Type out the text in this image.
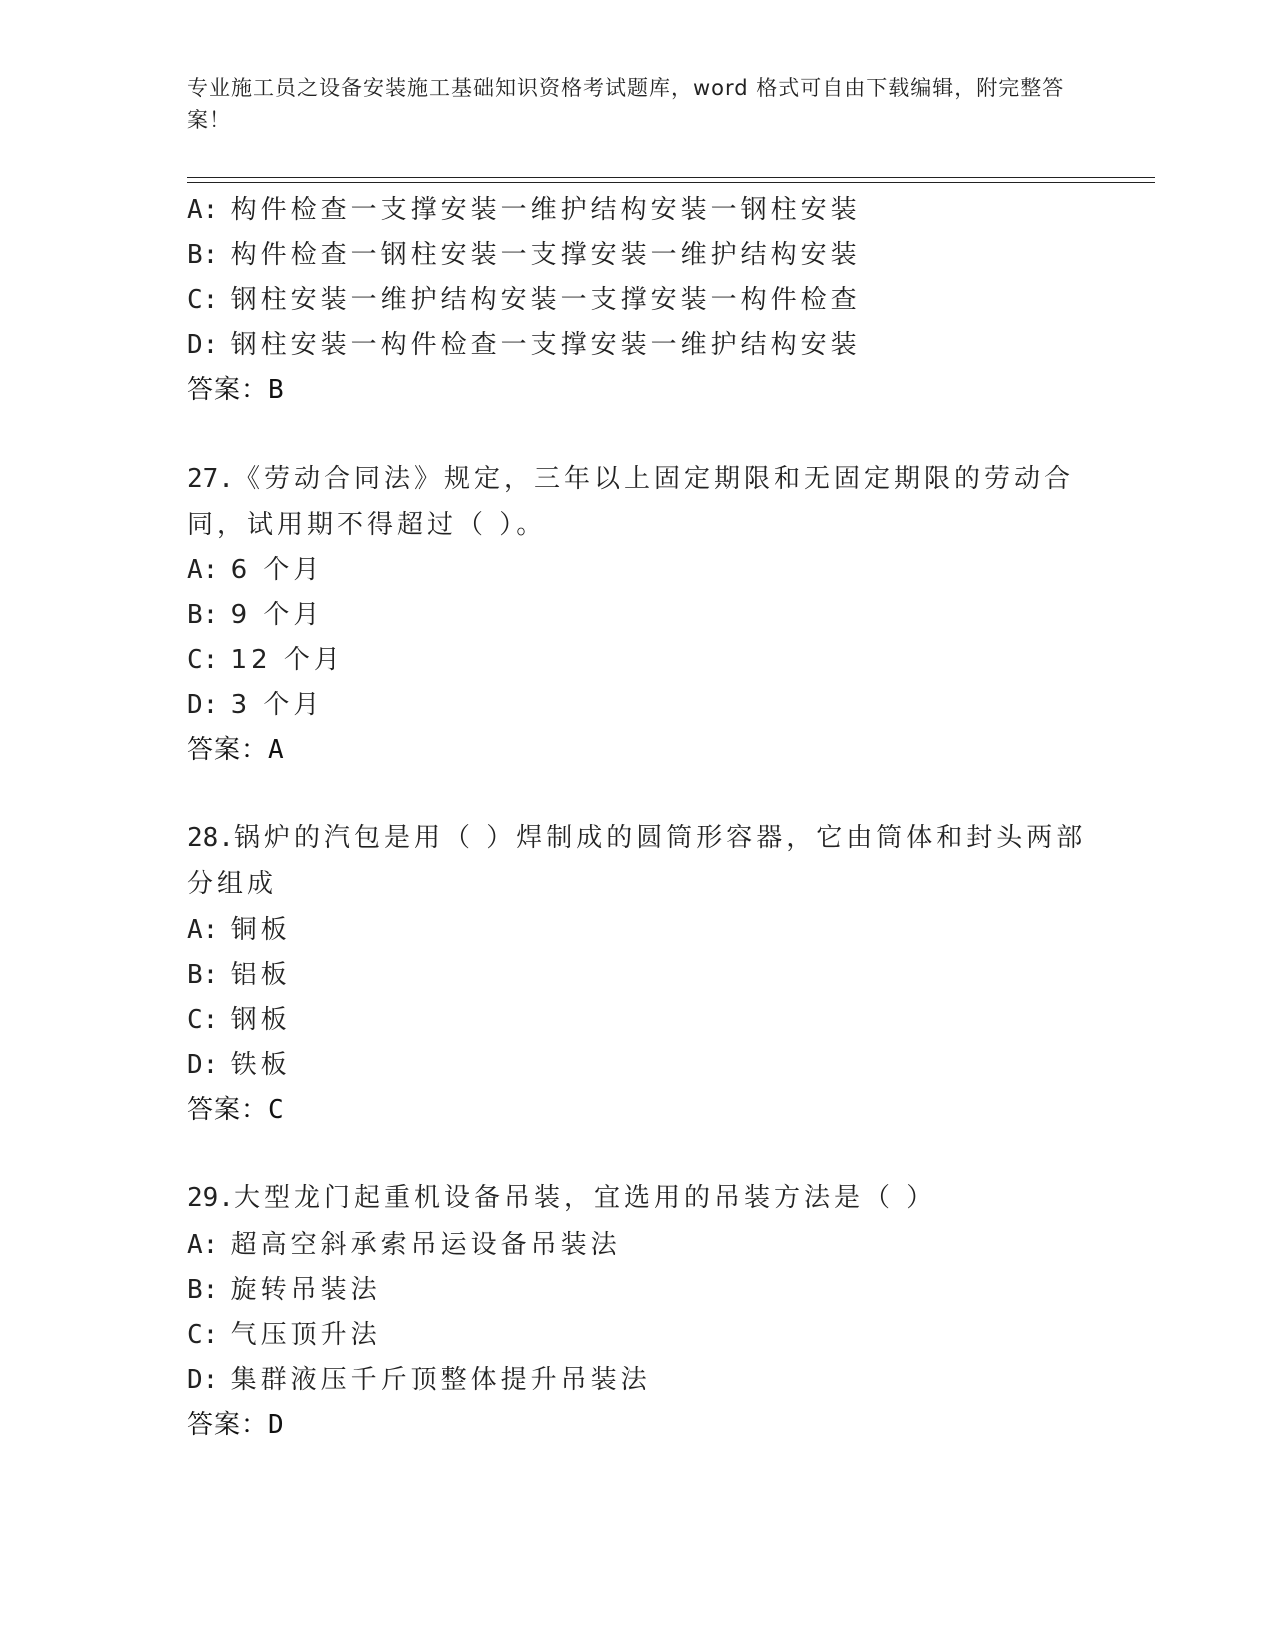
专业施工员之设备安装施工基础知识资格考试题库，word 格式可自由下载编辑，附完整答案！
A: 构件检查一支撑安装一维护结构安装一钢柱安装
B: 构件检查一钢柱安装一支撑安装一维护结构安装
C: 钢柱安装一维护结构安装一支撑安装一构件检查
D: 钢柱安装一构件检查一支撑安装一维护结构安装
答案：B
27.《劳动合同法》规定，三年以上固定期限和无固定期限的劳动合同，试用期不得超过（ ）。
A: 6 个月
B: 9 个月
C: 12 个月
D: 3 个月
答案：A
28.锅炉的汽包是用（ ）焊制成的圆筒形容器，它由筒体和封头两部分组成
A: 铜板
B: 铝板
C: 钢板
D: 铁板
答案：C
29.大型龙门起重机设备吊装，宜选用的吊装方法是（ ）
A: 超高空斜承索吊运设备吊装法
B: 旋转吊装法
C: 气压顶升法
D: 集群液压千斤顶整体提升吊装法
答案：D
